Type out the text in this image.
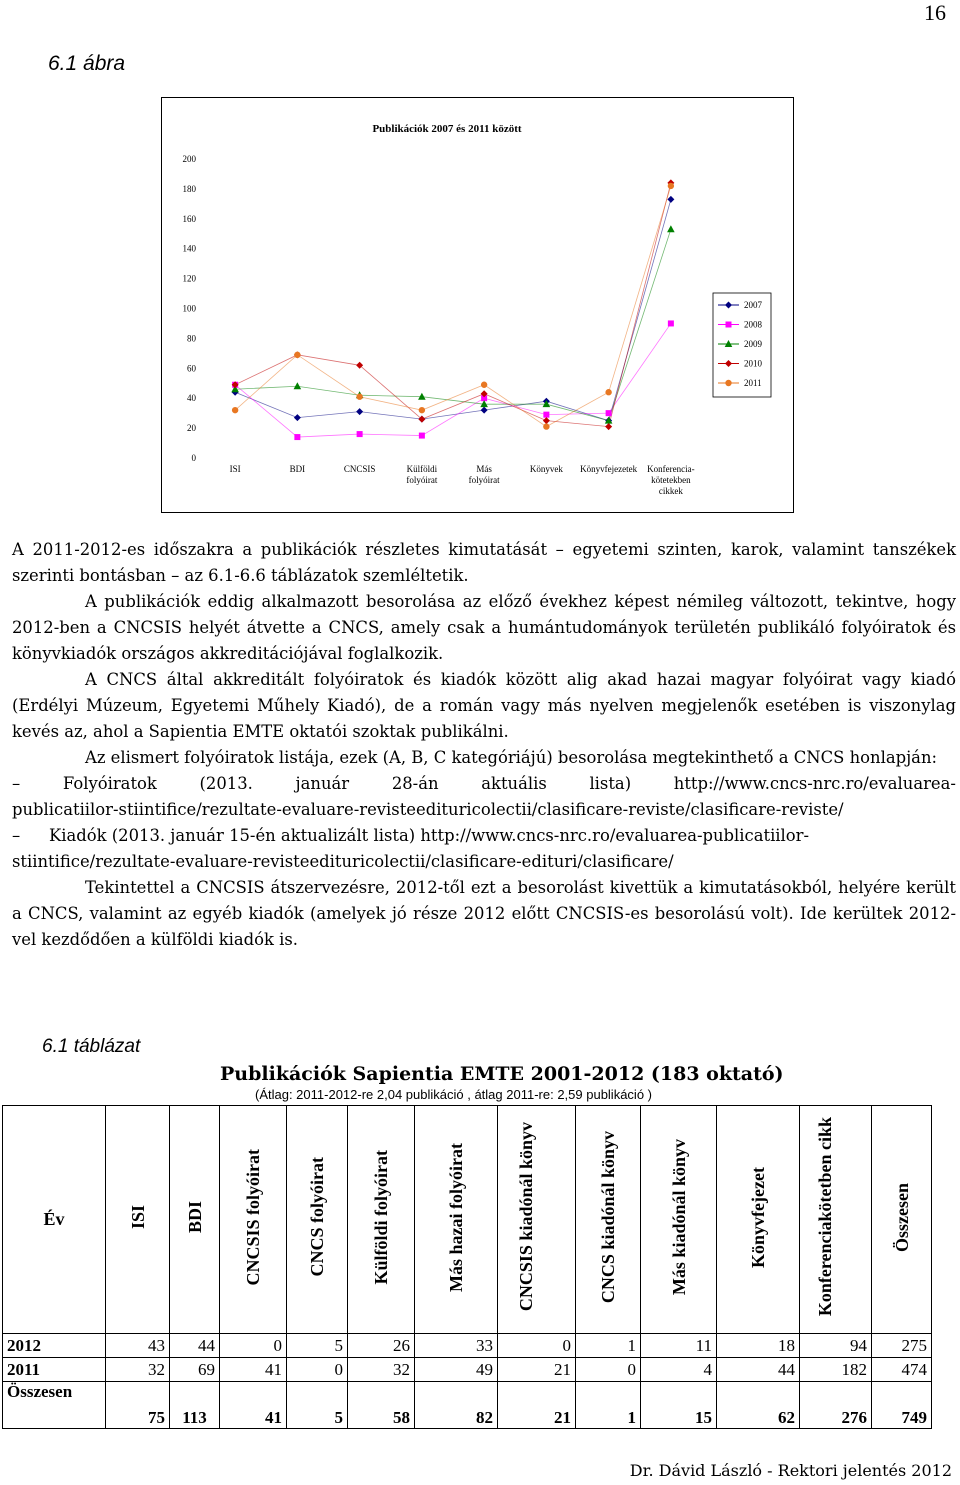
16
6.1 ábra
Publikációk 2007 és 2011 között
0
20
40
60
80
100
120
140
160
180
200
ISI	BDI	CNCSIS	Külföldi folyóirat
Más folyóirat
Könyvek Könyvfejezetek Konferencia-kötetekben cikkek
2007
2008
2009
2010
2011

A 2011-2012-es időszakra a publikációk részletes kimutatását – egyetemi szinten, karok, valamint tanszékek szerinti bontásban – az 6.1-6.6 táblázatok szemléltetik.

A publikációk eddig alkalmazott besorolása az előző évekhez képest némileg változott, tekintve, hogy 2012-ben a CNCSIS helyét átvette a CNCS, amely csak a humántudományok területén publikáló folyóiratok és könyvkiadók országos akkreditációjával foglalkozik.

A CNCS által akkreditált folyóiratok és kiadók között alig akad hazai magyar folyóirat vagy kiadó (Erdélyi Múzeum, Egyetemi Műhely Kiadó), de a román vagy más nyelven megjelenők esetében is viszonylag kevés az, ahol a Sapientia EMTE oktatói szoktak publikálni.

Az elismert folyóiratok listája, ezek (A, B, C kategóriájú) besorolása megtekinthető a CNCS honlapján:

–	Folyóiratok	(2013.	január	28-án	aktuális	lista)	http://www.cncs-nrc.ro/evaluarea-

publicatiilor-stiintifice/rezultate-evaluare-revisteedituricolectii/clasificare-reviste/clasificare-reviste/

–	Kiadók (2013. január 15-én aktualizált lista) http://www.cncs-nrc.ro/evaluarea-publicatiilor-

stiintifice/rezultate-evaluare-revisteedituricolectii/clasificare-edituri/clasificare/

Tekintettel a CNCSIS átszervezésre, 2012-től ezt a besorolást kivettük a kimutatásokból, helyére került a CNCS, valamint az egyéb kiadók (amelyek jó része 2012 előtt CNCSIS-es besorolású volt). Ide kerültek 2012-vel kezdődően a külföldi kiadók is.

6.1 táblázat
Publikációk Sapientia EMTE 2001-2012 (183 oktató)
(Átlag: 2011-2012-re 2,04 publikáció , átlag 2011-re: 2,59 publikáció )
Év	ISI	BDI	CNCSIS folyóirat	CNCS folyóirat	Külföldi folyóirat	Más hazai folyóirat	CNCSIS kiadónál könyv	CNCS kiadónál könyv	Más kiadónál könyv	Könyvfejezet	Konferenciakötetben cikk	Összesen
2012	43	44	0	5	26	33	0	1	11	18	94	275
2011	32	69	41	0	32	49	21	0	4	44	182	474
Összesen	75	113	41	5	58	82	21	1	15	62	276	749
Dr. Dávid László - Rektori jelentés 2012
